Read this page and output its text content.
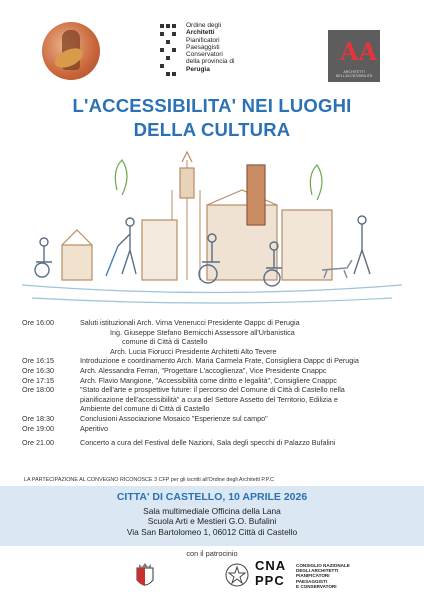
Ordine degli
Architetti
Pianificatori
Paesaggisti
Conservatori
della provincia di
Perugia
AA
ARCHITETTI NELL'ACCESSIBILITÀ
L'ACCESSIBILITA' NEI LUOGHI
DELLA CULTURA
Ore 16:00	Saluti istituzionali Arch. Virna Venerucci Presidente Oappc di Perugia
Ing. Giuseppe Stefano Bernicchi Assessore all'Urbanistica
comune di Città di Castello
Arch. Lucia Fiorucci Presidente Architetti Alto Tevere
Ore 16:15	Introduzione e coordinamento Arch. Maria Carmela Frate, Consigliera Oappc di Perugia
Ore 16:30	Arch. Alessandra Ferrari, "Progettare L'accoglienza", Vice Presidente Cnappc
Ore 17:15	Arch. Flavio Mangione, "Accessibilità come diritto e legalità", Consigliere Cnappc
Ore 18:00	"Stato dell'arte e prospettive future: il percorso del Comune di Città di Castello nella
pianificazione dell'accessibilità" a cura del Settore Assetto del Territorio, Edilizia e
Ambiente del comune di Città di Castello
Ore 18:30	Conclusioni Associazione Mosaico "Esperienze sul campo"
Ore 19:00	Aperitivo
Ore 21.00	Concerto a cura del Festival delle Nazioni, Sala degli specchi di Palazzo Bufalini
LA PARTECIPAZIONE AL CONVEGNO RICONOSCE 3 CFP per gli iscritti all'Ordine degli Architetti P.P.C
CITTA' DI CASTELLO, 10 APRILE 2026
Sala multimediale Officina della Lana
Scuola Arti e Mestieri G.O. Bufalini
Via San Bartolomeo 1, 06012 Città di Castello
con il patrocinio
CNA PPC
CONSIGLIO NAZIONALE
DEGLI ARCHITETTI
PIANIFICATORI
PAESAGGISTI
E CONSERVATORI
